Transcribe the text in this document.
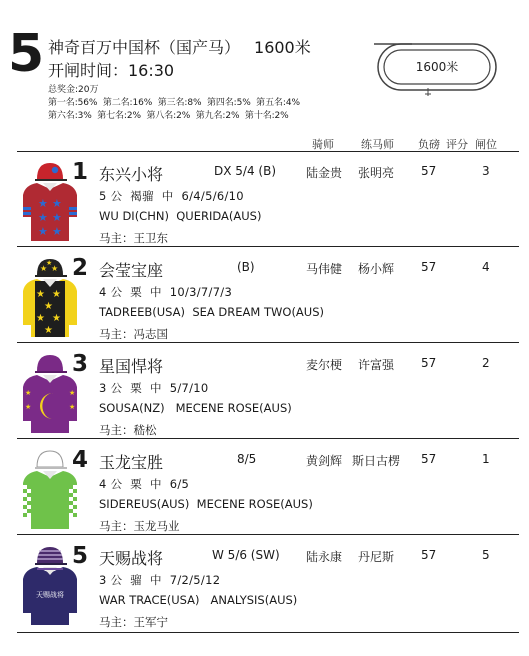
5 神奇百万中国杯（国产马） 1600米
开闸时间：16:30
总奖金:20万
第一名:56%  第二名:16%  第三名:8%  第四名:5%  第五名:4%
第六名:3%  第七名:2%  第八名:2%  第九名:2%  第十名:2%
1600米
骑师 练马师 负磅 评分 闸位
★ ★
★ ★
★ ★
1 东兴小将	DX 5/4 (B)	陆金贵 张明亮 57	3
5 公  褐骝  中  6/4/5/6/10
WU DI(CHN)  QUERIDA(AUS)
马主：王卫东
★ ★
★
★ ★
★
★ ★
★
2 会莹宝座	(B)	马伟健 杨小辉 57	4
4 公  栗  中  10/3/7/7/3
TADREEB(USA)  SEA DREAM TWO(AUS)
马主：冯志国
★	★
★	★
3 星国悍将	麦尔梗 许富强 57	2
3 公  栗  中  5/7/10
SOUSA(NZ)   MECENE ROSE(AUS)
马主：嵇松
4 玉龙宝胜	8/5	黄剑辉 斯日古楞 57	1
4 公  栗  中  6/5
SIDEREUS(AUS)  MECENE ROSE(AUS)
马主：玉龙马业
天赐战将
5 天赐战将	W 5/6 (SW) 陆永康 丹尼斯 57	5
3 公  骝  中  7/2/5/12
WAR TRACE(USA)   ANALYSIS(AUS)
马主：王军宁
